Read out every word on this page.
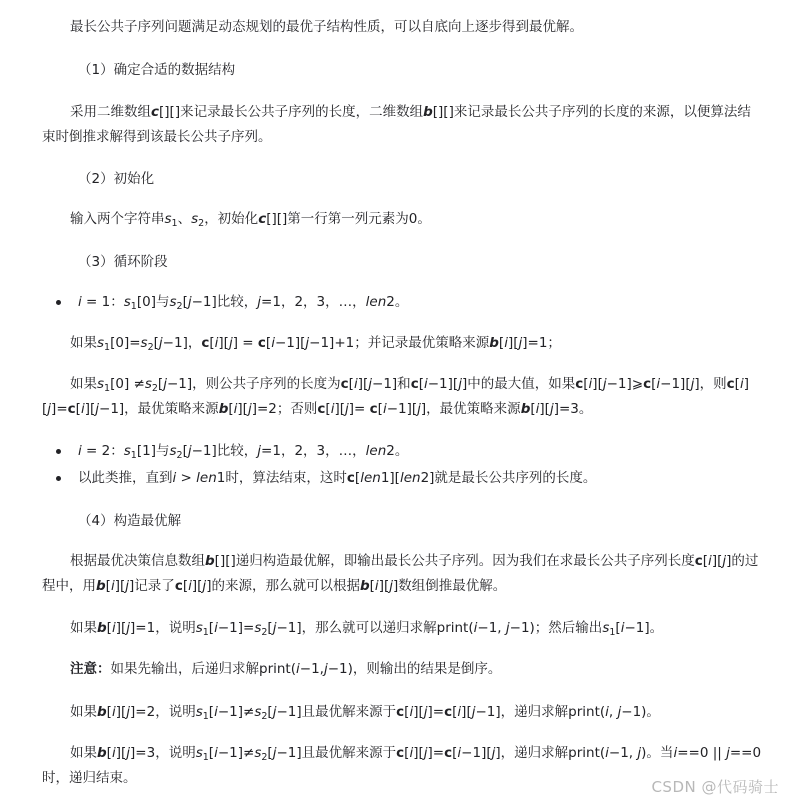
最长公共子序列问题满足动态规划的最优子结构性质，可以自底向上逐步得到最优解。

（1）确定合适的数据结构

采用二维数组c[][]来记录最长公共子序列的长度，二维数组b[][]来记录最长公共子序列的长度的来源，以便算法结束时倒推求解得到该最长公共子序列。

（2）初始化

输入两个字符串$s_1$、$s_2$，初始化c[][]第一行第一列元素为0。

（3）循环阶段

i = 1：$s_1[0]$与$s_2[j-1]$比较，j=1，2，3，…，len2。

如果$s_1[0]=s_2[j-1]$，c[i][j] = c[i−1][j−1]+1；并记录最优策略来源b[i][j]=1；

如果$s_1[0] \ne s_2[j-1]$，则公共子序列的长度为c[i][j−1]和c[i−1][j]中的最大值，如果c[i][j−1]⩾c[i−1][j]，则c[i][j]=c[i][j−1]，最优策略来源b[i][j]=2；否则c[i][j]= c[i−1][j]，最优策略来源b[i][j]=3。

i = 2：$s_1[1]$与$s_2[j-1]$比较，j=1，2，3，…，len2。

以此类推，直到i > len1时，算法结束，这时c[len1][len2]就是最长公共序列的长度。

（4）构造最优解

根据最优决策信息数组b[][]递归构造最优解，即输出最长公共子序列。因为我们在求最长公共子序列长度c[i][j]的过程中，用b[i][j]记录了c[i][j]的来源，那么就可以根据b[i][j]数组倒推最优解。

如果b[i][j]=1，说明$s_1[i-1]=s_2[j-1]$，那么就可以递归求解print(i−1, j−1)；然后输出$s_1[i-1]$。

注意：如果先输出，后递归求解print(i−1,j−1)，则输出的结果是倒序。

如果b[i][j]=2，说明$s_1[i-1]\ne s_2[j-1]$且最优解来源于c[i][j]=c[i][j−1]，递归求解print(i, j−1)。

如果b[i][j]=3，说明$s_1[i-1]\ne s_2[j-1]$且最优解来源于c[i][j]=c[i−1][j]，递归求解print(i−1, j)。当i==0 || j==0时，递归结束。	CSDN @代码骑士
